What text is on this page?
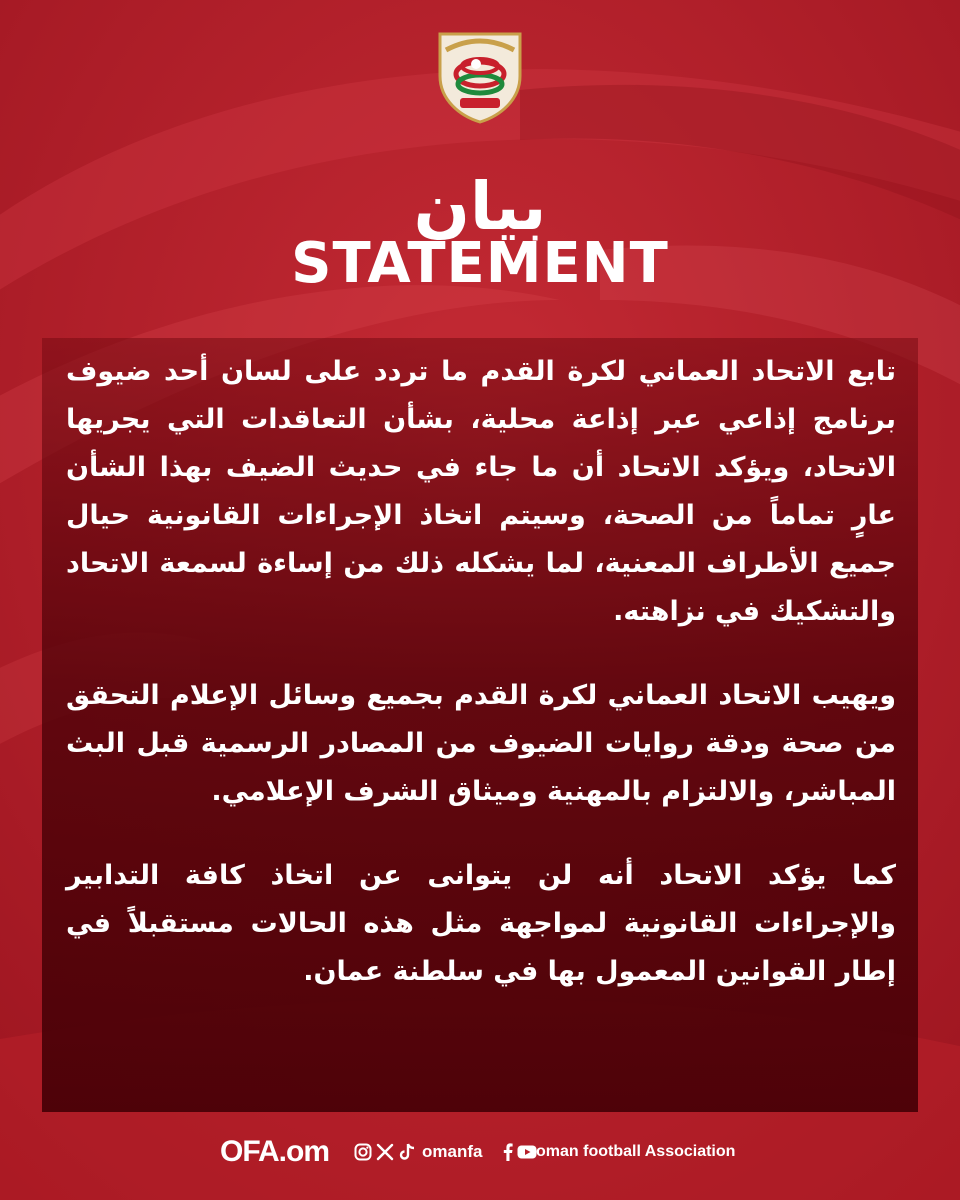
بيان
STATEMENT

تابع الاتحاد العماني لكرة القدم ما تردد على لسان أحد ضيوف برنامج إذاعي عبر إذاعة محلية، بشأن التعاقدات التي يجريها الاتحاد، ويؤكد الاتحاد أن ما جاء في حديث الضيف بهذا الشأن عارٍ تماماً من الصحة، وسيتم اتخاذ الإجراءات القانونية حيال جميع الأطراف المعنية، لما يشكله ذلك من إساءة لسمعة الاتحاد والتشكيك في نزاهته.

ويهيب الاتحاد العماني لكرة القدم بجميع وسائل الإعلام التحقق من صحة ودقة روايات الضيوف من المصادر الرسمية قبل البث المباشر، والالتزام بالمهنية وميثاق الشرف الإعلامي.

كما يؤكد الاتحاد أنه لن يتوانى عن اتخاذ كافة التدابير والإجراءات القانونية لمواجهة مثل هذه الحالات مستقبلاً في إطار القوانين المعمول بها في سلطنة عمان.

OFA.om
	omanfa
	oman football Association
